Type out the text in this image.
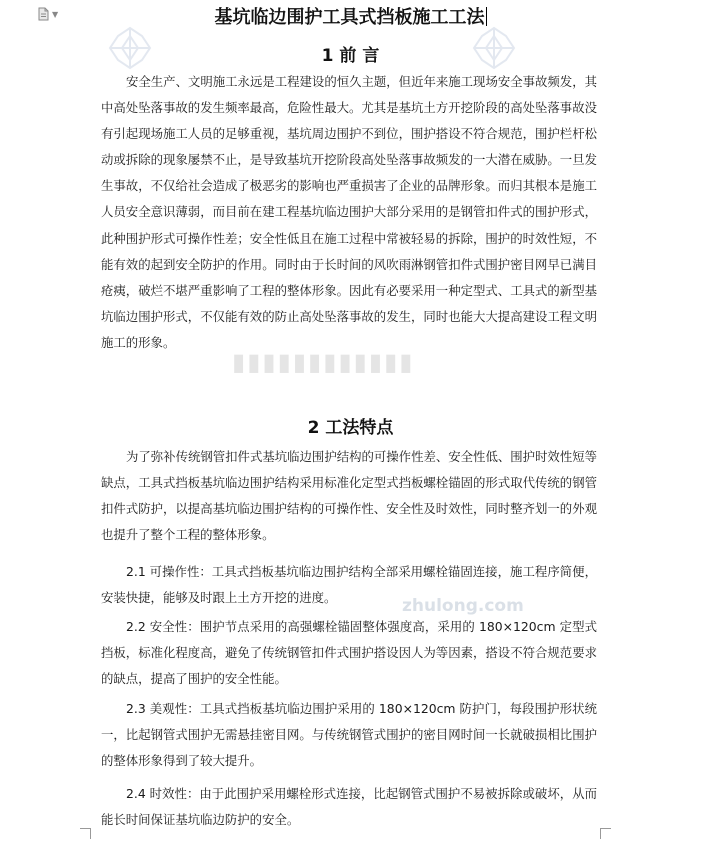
▼
▮▮▮▮▮▮▮▮▮▮▮▮
zhulong.com
基坑临边围护工具式挡板施工工法
1 前 言
安全生产、文明施工永远是工程建设的恒久主题，但近年来施工现场安全事故频发，其中高处坠落事故的发生频率最高，危险性最大。尤其是基坑土方开挖阶段的高处坠落事故没有引起现场施工人员的足够重视，基坑周边围护不到位，围护搭设不符合规范，围护栏杆松动或拆除的现象屡禁不止，是导致基坑开挖阶段高处坠落事故频发的一大潜在威胁。一旦发生事故，不仅给社会造成了极恶劣的影响也严重损害了企业的品牌形象。而归其根本是施工人员安全意识薄弱，而目前在建工程基坑临边围护大部分采用的是钢管扣件式的围护形式，此种围护形式可操作性差；安全性低且在施工过程中常被轻易的拆除，围护的时效性短，不能有效的起到安全防护的作用。同时由于长时间的风吹雨淋钢管扣件式围护密目网早已满目疮痍，破烂不堪严重影响了工程的整体形象。因此有必要采用一种定型式、工具式的新型基坑临边围护形式，不仅能有效的防止高处坠落事故的发生，同时也能大大提高建设工程文明施工的形象。
2 工法特点
为了弥补传统钢管扣件式基坑临边围护结构的可操作性差、安全性低、围护时效性短等缺点，工具式挡板基坑临边围护结构采用标准化定型式挡板螺栓锚固的形式取代传统的钢管扣件式防护，以提高基坑临边围护结构的可操作性、安全性及时效性，同时整齐划一的外观也提升了整个工程的整体形象。
2.1 可操作性：工具式挡板基坑临边围护结构全部采用螺栓锚固连接，施工程序简便，安装快捷，能够及时跟上土方开挖的进度。
2.2 安全性：围护节点采用的高强螺栓锚固整体强度高，采用的 180×120cm 定型式挡板，标准化程度高，避免了传统钢管扣件式围护搭设因人为等因素，搭设不符合规范要求的缺点，提高了围护的安全性能。
2.3 美观性：工具式挡板基坑临边围护采用的 180×120cm 防护门，每段围护形状统一，比起钢管式围护无需悬挂密目网。与传统钢管式围护的密目网时间一长就破损相比围护的整体形象得到了较大提升。
2.4 时效性：由于此围护采用螺栓形式连接，比起钢管式围护不易被拆除或破坏，从而能长时间保证基坑临边防护的安全。
